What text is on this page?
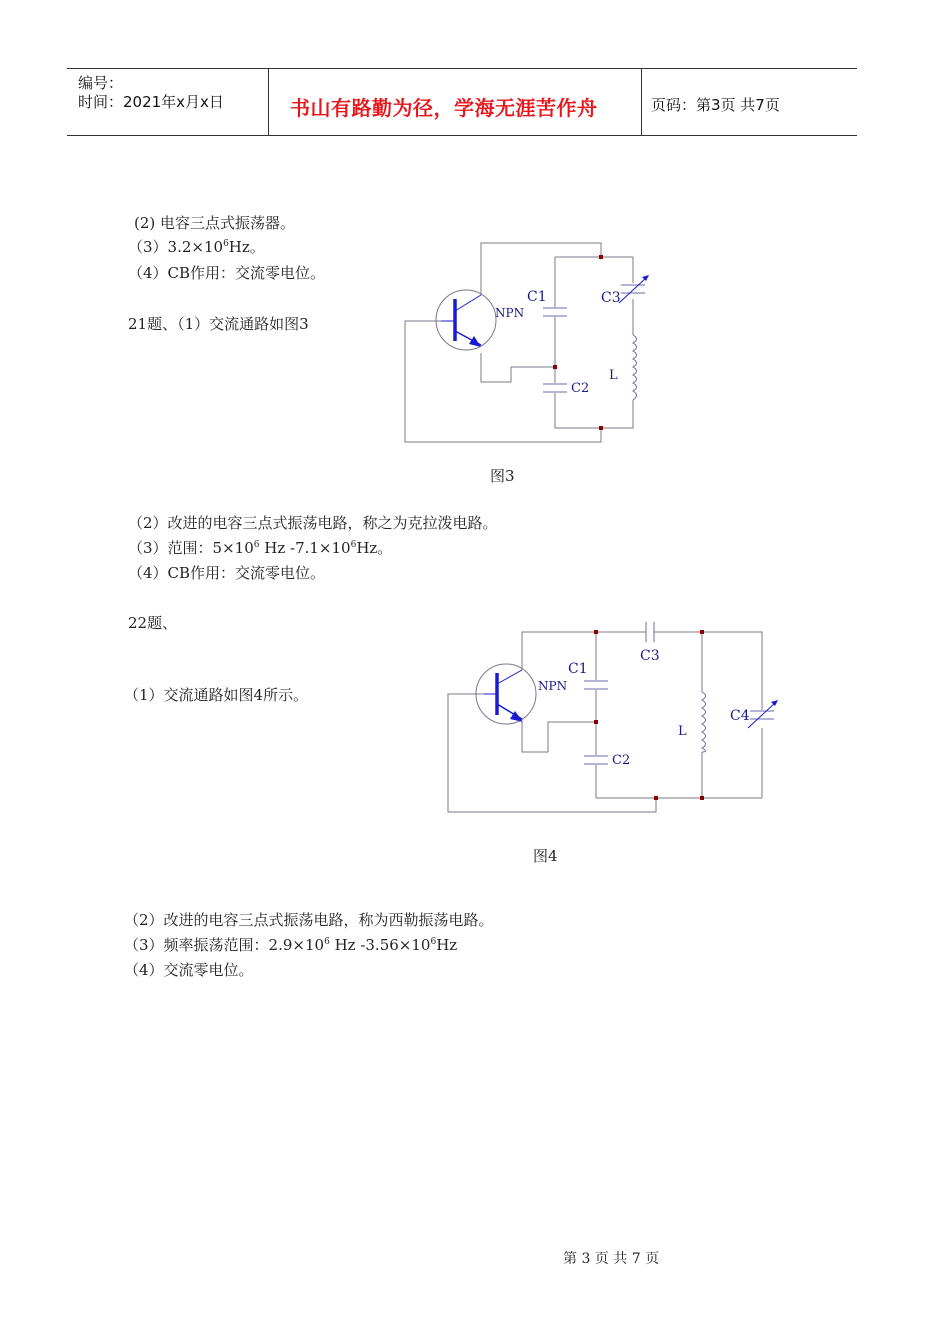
编号：
时间：2021年x月x日	书山有路勤为径，学海无涯苦作舟	页码：第3页 共7页
(2) 电容三点式振荡器。
$(3)3.2\times 10^6Hz$。
（4）CB作用：交流零电位。
21题、（1）交流通路如图3
NPN
C1
C2
C3
L
图3
（2）改进的电容三点式振荡电路，称之为克拉泼电路。
（3）范围：$5\times 10^6$ Hz $-7.1\times 10^6Hz$。
（4）CB作用：交流零电位。
22题、
（1）交流通路如图4所示。	NPN
C1
C2
C3
L
C4
图4
（2）改进的电容三点式振荡电路，称为西勒振荡电路。
（3）频率振荡范围：$2.9\times 10^6$ Hz $-3.56\times 10^6Hz$
（4）交流零电位。
第 3 页 共 7 页
